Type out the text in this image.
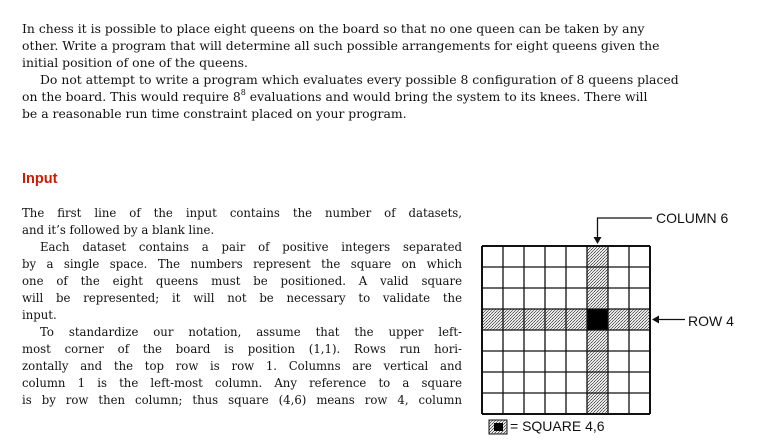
In chess it is possible to place eight queens on the board so that no one queen can be taken by any
other. Write a program that will determine all such possible arrangements for eight queens given the
initial position of one of the queens.
Do not attempt to write a program which evaluates every possible 8 configuration of 8 queens placed
on the board. This would require $8^8$ evaluations and would bring the system to its knees. There will
be a reasonable run time constraint placed on your program.
Input
The first line of the input contains the number of datasets,
and it’s followed by a blank line.
Each dataset contains a pair of positive integers separated
by a single space. The numbers represent the square on which
one of the eight queens must be positioned. A valid square
will be represented; it will not be necessary to validate the
input.
To standardize our notation, assume that the upper left-
most corner of the board is position (1,1). Rows run hori-
zontally and the top row is row 1. Columns are vertical and
column 1 is the left-most column. Any reference to a square
is by row then column; thus square (4,6) means row 4, column
COLUMN 6
ROW 4
= SQUARE 4,6
